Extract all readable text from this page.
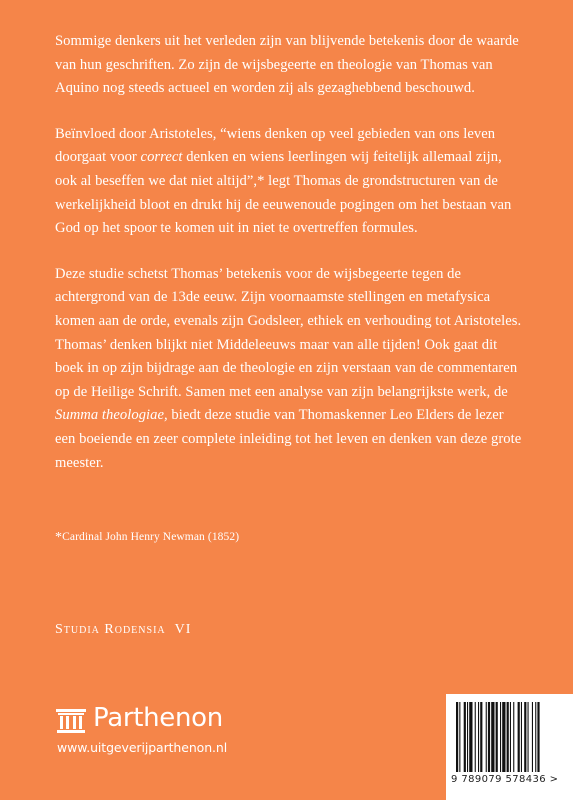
Sommige denkers uit het verleden zijn van blijvende betekenis door de waarde van hun geschriften. Zo zijn de wijsbegeerte en theologie van Thomas van Aquino nog steeds actueel en worden zij als gezaghebbend beschouwd.

Beïnvloed door Aristoteles, “wiens denken op veel gebieden van ons leven doorgaat voor correct denken en wiens leerlingen wij feitelijk allemaal zijn, ook al beseffen we dat niet altijd”,* legt Thomas de grondstructuren van de werkelijkheid bloot en drukt hij de eeuwenoude pogingen om het bestaan van God op het spoor te komen uit in niet te overtreffen formules.

Deze studie schetst Thomas’ betekenis voor de wijsbegeerte tegen de achtergrond van de 13de eeuw. Zijn voornaamste stellingen en metafysica komen aan de orde, evenals zijn Godsleer, ethiek en verhouding tot Aristoteles. Thomas’ denken blijkt niet Middeleeuws maar van alle tijden! Ook gaat dit boek in op zijn bijdrage aan de theologie en zijn verstaan van de commentaren op de Heilige Schrift. Samen met een analyse van zijn belangrijkste werk, de Summa theologiae, biedt deze studie van Thomaskenner Leo Elders de lezer een boeiende en zeer complete inleiding tot het leven en denken van deze grote meester.

*Cardinal John Henry Newman (1852)
Studia Rodensia VI
Parthenon
www.uitgeverijparthenon.nl
9 789079 578436 >
